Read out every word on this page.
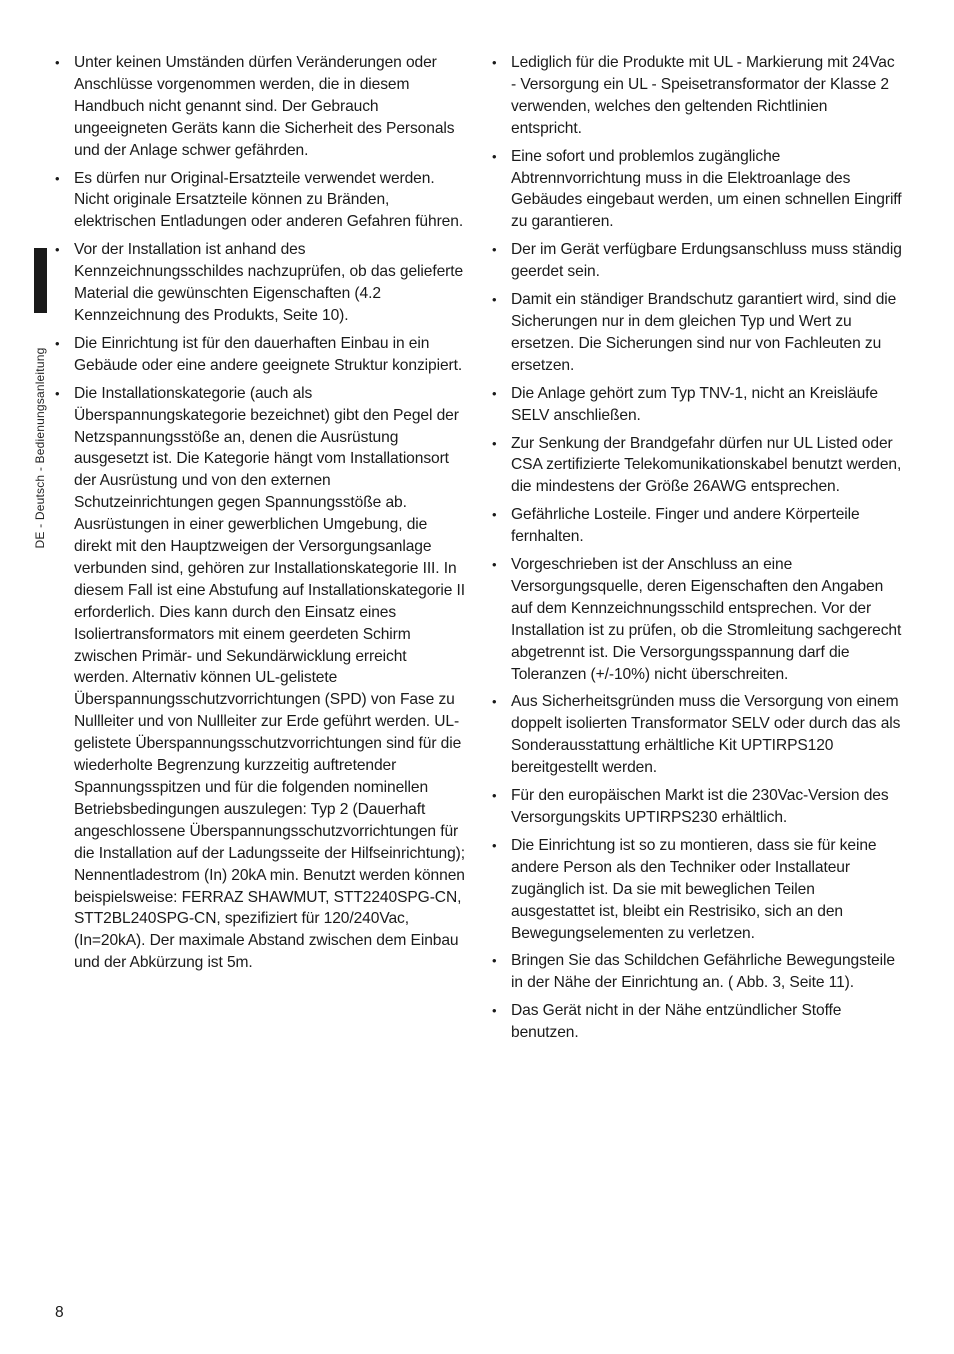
DE - Deutsch - Bedienungsanleitung
• Unter keinen Umständen dürfen Veränderungen oder Anschlüsse vorgenommen werden, die in diesem Handbuch nicht genannt sind. Der Gebrauch ungeeigneten Geräts kann die Sicherheit des Personals und der Anlage schwer gefährden.
• Es dürfen nur Original-Ersatzteile verwendet werden. Nicht originale Ersatzteile können zu Bränden, elektrischen Entladungen oder anderen Gefahren führen.
• Vor der Installation ist anhand des Kennzeichnungsschildes nachzuprüfen, ob das gelieferte Material die gewünschten Eigenschaften (4.2 Kennzeichnung des Produkts, Seite 10).
• Die Einrichtung ist für den dauerhaften Einbau in ein Gebäude oder eine andere geeignete Struktur konzipiert.
• Die Installationskategorie (auch als Überspannungskategorie bezeichnet) gibt den Pegel der Netzspannungsstöße an, denen die Ausrüstung ausgesetzt ist. Die Kategorie hängt vom Installationsort der Ausrüstung und von den externen Schutzeinrichtungen gegen Spannungsstöße ab. Ausrüstungen in einer gewerblichen Umgebung, die direkt mit den Hauptzweigen der Versorgungsanlage verbunden sind, gehören zur Installationskategorie III. In diesem Fall ist eine Abstufung auf Installationskategorie II erforderlich. Dies kann durch den Einsatz eines Isoliertransformators mit einem geerdeten Schirm zwischen Primär- und Sekundärwicklung erreicht werden. Alternativ können UL-gelistete Überspannungsschutzvorrichtungen (SPD) von Fase zu Nullleiter und von Nullleiter zur Erde geführt werden. UL-gelistete Überspannungsschutzvorrichtungen sind für die wiederholte Begrenzung kurzzeitig auftretender Spannungsspitzen und für die folgenden nominellen Betriebsbedingungen auszulegen: Typ 2 (Dauerhaft angeschlossene Überspannungsschutzvorrichtungen für die Installation auf der Ladungsseite der Hilfseinrichtung); Nennentladestrom (In) 20kA min. Benutzt werden können beispielsweise: FERRAZ SHAWMUT, STT2240SPG-CN, STT2BL240SPG-CN, spezifiziert für 120/240Vac, (In=20kA). Der maximale Abstand zwischen dem Einbau und der Abkürzung ist 5m.
• Lediglich für die Produkte mit UL - Markierung mit 24Vac - Versorgung ein UL - Speisetransformator der Klasse 2 verwenden, welches den geltenden Richtlinien entspricht.
• Eine sofort und problemlos zugängliche Abtrennvorrichtung muss in die Elektroanlage des Gebäudes eingebaut werden, um einen schnellen Eingriff zu garantieren.
• Der im Gerät verfügbare Erdungsanschluss muss ständig geerdet sein.
• Damit ein ständiger Brandschutz garantiert wird, sind die Sicherungen nur in dem gleichen Typ und Wert zu ersetzen. Die Sicherungen sind nur von Fachleuten zu ersetzen.
• Die Anlage gehört zum Typ TNV-1, nicht an Kreisläufe SELV anschließen.
• Zur Senkung der Brandgefahr dürfen nur UL Listed oder CSA zertifizierte Telekomunikationskabel benutzt werden, die mindestens der Größe 26AWG entsprechen.
• Gefährliche Losteile. Finger und andere Körperteile fernhalten.
• Vorgeschrieben ist der Anschluss an eine Versorgungsquelle, deren Eigenschaften den Angaben auf dem Kennzeichnungsschild entsprechen. Vor der Installation ist zu prüfen, ob die Stromleitung sachgerecht abgetrennt ist. Die Versorgungsspannung darf die Toleranzen (+/-10%) nicht überschreiten.
• Aus Sicherheitsgründen muss die Versorgung von einem doppelt isolierten Transformator SELV oder durch das als Sonderausstattung erhältliche Kit UPTIRPS120 bereitgestellt werden.
• Für den europäischen Markt ist die 230Vac-Version des Versorgungskits UPTIRPS230 erhältlich.
• Die Einrichtung ist so zu montieren, dass sie für keine andere Person als den Techniker oder Installateur zugänglich ist. Da sie mit beweglichen Teilen ausgestattet ist, bleibt ein Restrisiko, sich an den Bewegungselementen zu verletzen.
• Bringen Sie das Schildchen Gefährliche Bewegungsteile in der Nähe der Einrichtung an. ( Abb. 3, Seite 11).
• Das Gerät nicht in der Nähe entzündlicher Stoffe benutzen.
8
